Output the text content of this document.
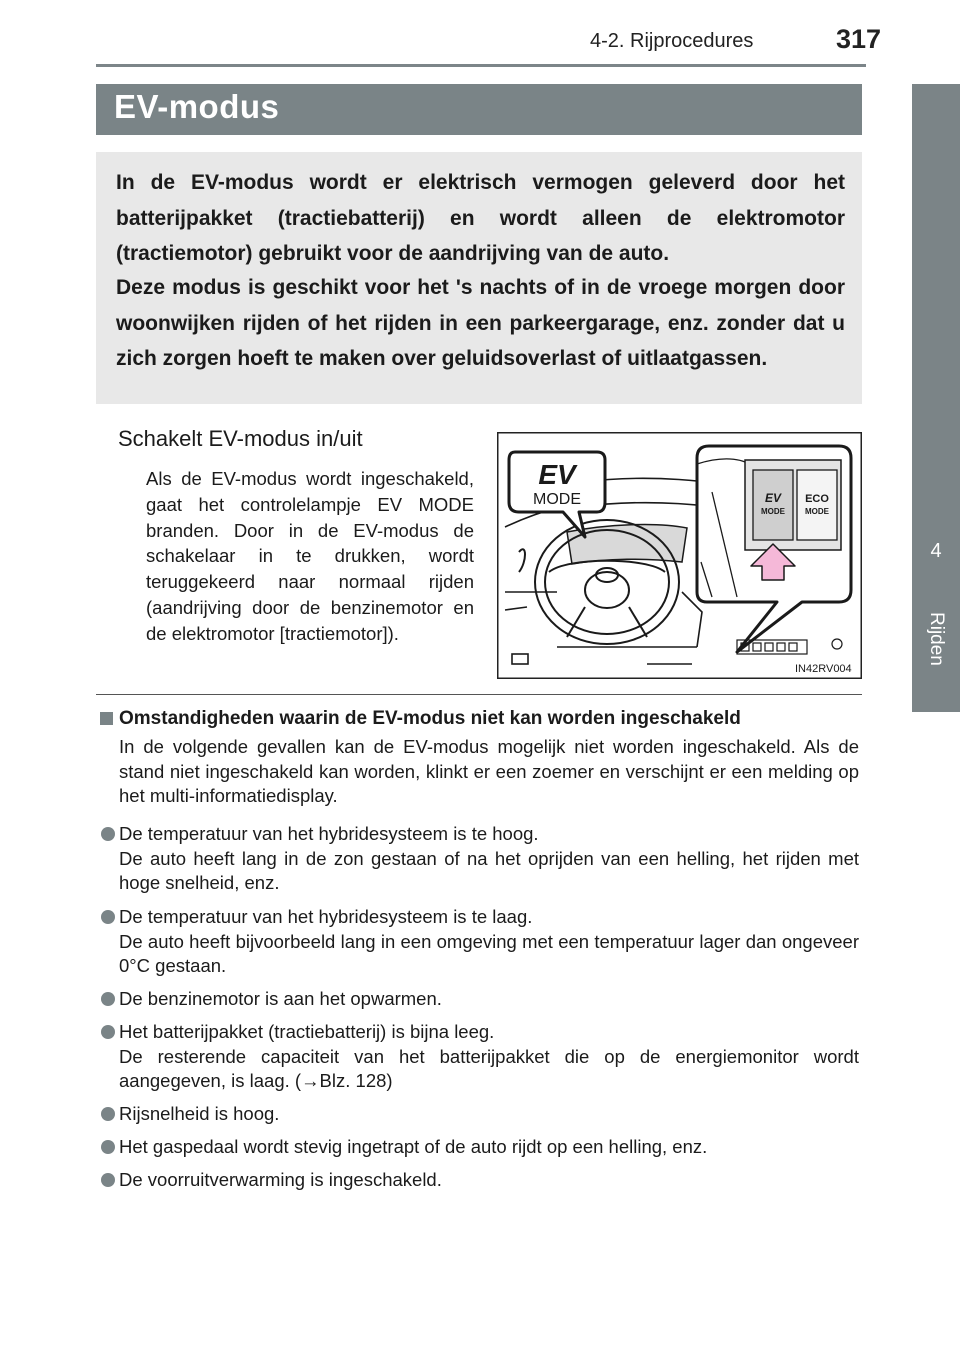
4-2. Rijprocedures	317
4
Rijden
EV-modus

In de EV-modus wordt er elektrisch vermogen geleverd door het batterijpakket (tractiebatterij) en wordt alleen de elektromotor (tractiemotor) gebruikt voor de aandrijving van de auto.

Deze modus is geschikt voor het 's nachts of in de vroege morgen door woonwijken rijden of het rijden in een parkeergarage, enz. zonder dat u zich zorgen hoeft te maken over geluidsoverlast of uitlaatgassen.

Schakelt EV-modus in/uit

Als de EV-modus wordt ingeschakeld, gaat het controlelampje EV MODE branden. Door in de EV-modus de schakelaar in te drukken, wordt teruggekeerd naar normaal rijden (aandrijving door de benzinemotor en de elektromotor [tractiemotor]).

EV
MODE	EV
MODE
ECO
MODE
IN42RV004
Omstandigheden waarin de EV-modus niet kan worden ingeschakeld

In de volgende gevallen kan de EV-modus mogelijk niet worden ingeschakeld. Als de stand niet ingeschakeld kan worden, klinkt er een zoemer en verschijnt er een melding op het multi-informatiedisplay.

De temperatuur van het hybridesysteem is te hoog.
De auto heeft lang in de zon gestaan of na het oprijden van een helling, het rijden met hoge snelheid, enz.
De temperatuur van het hybridesysteem is te laag.
De auto heeft bijvoorbeeld lang in een omgeving met een temperatuur lager dan ongeveer 0°C gestaan.
De benzinemotor is aan het opwarmen.
Het batterijpakket (tractiebatterij) is bijna leeg.
De resterende capaciteit van het batterijpakket die op de energiemonitor wordt aangegeven, is laag. (→Blz. 128)
Rijsnelheid is hoog.
Het gaspedaal wordt stevig ingetrapt of de auto rijdt op een helling, enz.
De voorruitverwarming is ingeschakeld.
